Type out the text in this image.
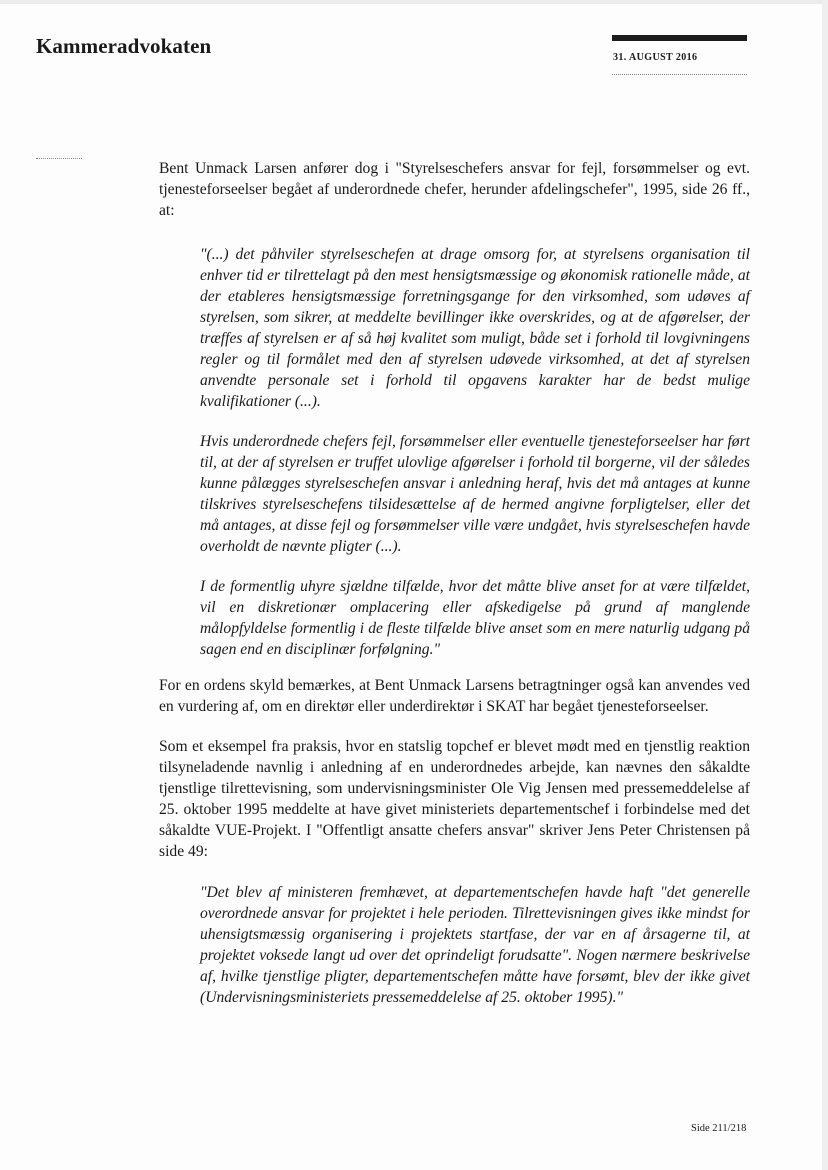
Kammeradvokaten	31. AUGUST 2016

Bent Unmack Larsen anfører dog i "Styrelseschefers ansvar for fejl, forsømmelser og evt. tjenesteforseelser begået af underordnede chefer, herunder afdelingschefer", 1995, side 26 ff., at:

"(...) det påhviler styrelseschefen at drage omsorg for, at styrelsens organisation til enhver tid er tilrettelagt på den mest hensigtsmæssige og økonomisk rationelle måde, at der etableres hensigtsmæssige forretningsgange for den virksomhed, som udøves af styrelsen, som sikrer, at meddelte bevillinger ikke overskrides, og at de afgørelser, der træffes af styrelsen er af så høj kvalitet som muligt, både set i forhold til lovgivningens regler og til formålet med den af styrelsen udøvede virksomhed, at det af styrelsen anvendte personale set i forhold til opgavens karakter har de bedst mulige kvalifikationer (...).

Hvis underordnede chefers fejl, forsømmelser eller eventuelle tjenesteforseelser har ført til, at der af styrelsen er truffet ulovlige afgørelser i forhold til borgerne, vil der således kunne pålægges styrelseschefen ansvar i anledning heraf, hvis det må antages at kunne tilskrives styrelseschefens tilsidesættelse af de hermed angivne forpligtelser, eller det må antages, at disse fejl og forsømmelser ville være undgået, hvis styrelseschefen havde overholdt de nævnte pligter (...).

I de formentlig uhyre sjældne tilfælde, hvor det måtte blive anset for at være tilfældet, vil en diskretionær omplacering eller afskedigelse på grund af manglende målopfyldelse formentlig i de fleste tilfælde blive anset som en mere naturlig udgang på sagen end en disciplinær forfølgning."

For en ordens skyld bemærkes, at Bent Unmack Larsens betragtninger også kan anvendes ved en vurdering af, om en direktør eller underdirektør i SKAT har begået tjenesteforseelser.

Som et eksempel fra praksis, hvor en statslig topchef er blevet mødt med en tjenstlig reaktion tilsyneladende navnlig i anledning af en underordnedes arbejde, kan nævnes den såkaldte tjenstlige tilrettevisning, som undervisningsminister Ole Vig Jensen med pressemeddelelse af 25. oktober 1995 meddelte at have givet ministeriets departementschef i forbindelse med det såkaldte VUE-Projekt. I "Offentligt ansatte chefers ansvar" skriver Jens Peter Christensen på side 49:

"Det blev af ministeren fremhævet, at departementschefen havde haft "det generelle overordnede ansvar for projektet i hele perioden. Tilrettevisningen gives ikke mindst for uhensigtsmæssig organisering i projektets startfase, der var en af årsagerne til, at projektet voksede langt ud over det oprindeligt forudsatte". Nogen nærmere beskrivelse af, hvilke tjenstlige pligter, departementschefen måtte have forsømt, blev der ikke givet (Undervisningsministeriets pressemeddelelse af 25. oktober 1995)."

Side 211/218
